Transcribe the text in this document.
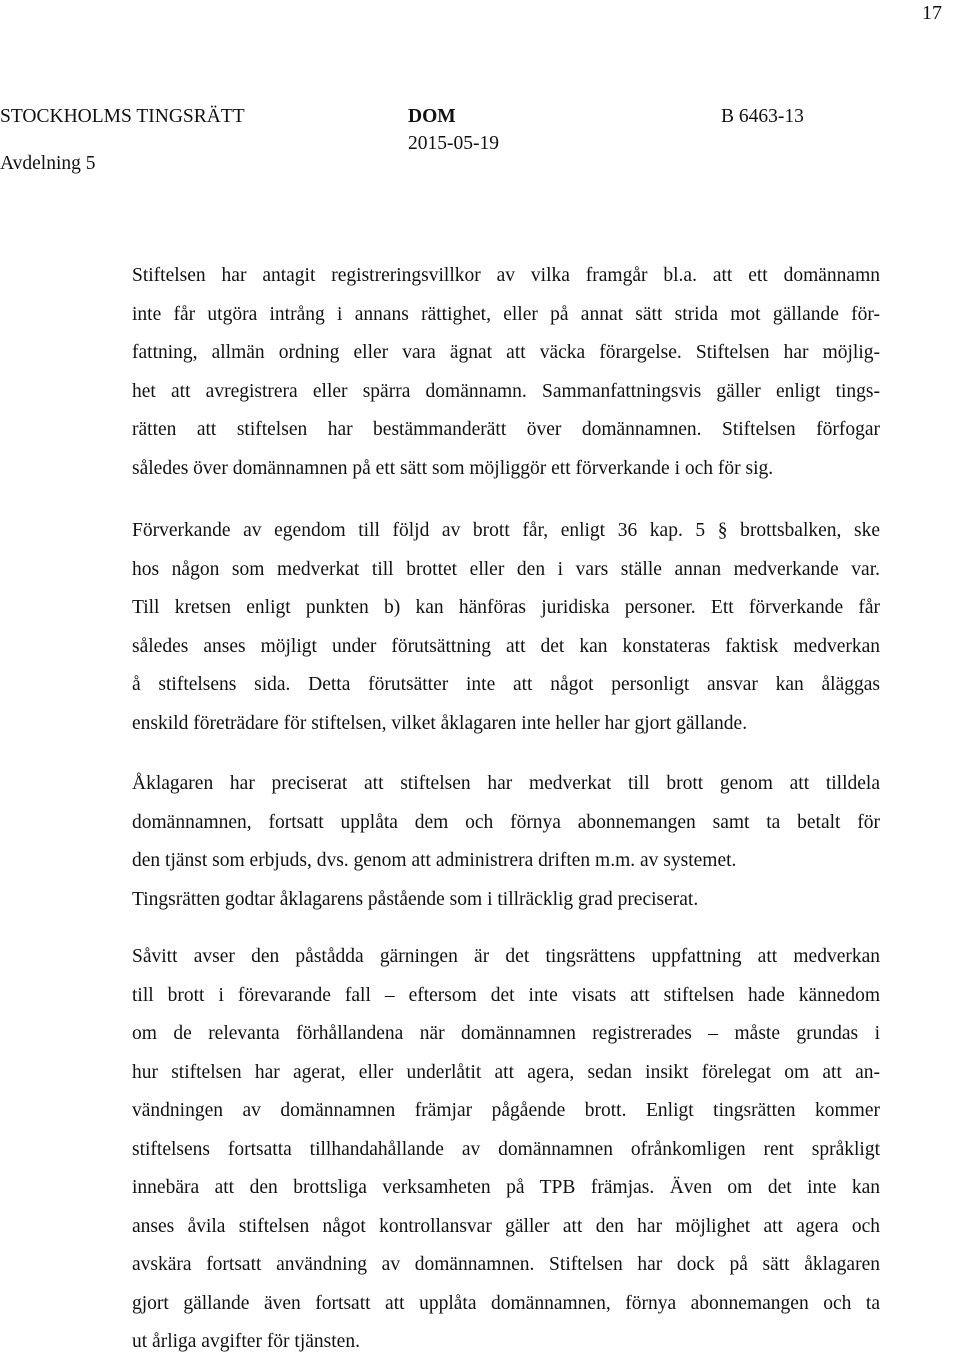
17
STOCKHOLMS TINGSRÄTT
Avdelning 5
DOM
2015-05-19
B 6463-13
Stiftelsen har antagit registreringsvillkor av vilka framgår bl.a. att ett domännamn
inte får utgöra intrång i annans rättighet, eller på annat sätt strida mot gällande för-
fattning, allmän ordning eller vara ägnat att väcka förargelse. Stiftelsen har möjlig-
het att avregistrera eller spärra domännamn. Sammanfattningsvis gäller enligt tings-
rätten att stiftelsen har bestämmanderätt över domännamnen. Stiftelsen förfogar
således över domännamnen på ett sätt som möjliggör ett förverkande i och för sig.
Förverkande av egendom till följd av brott får, enligt 36 kap. 5 § brottsbalken, ske
hos någon som medverkat till brottet eller den i vars ställe annan medverkande var.
Till kretsen enligt punkten b) kan hänföras juridiska personer. Ett förverkande får
således anses möjligt under förutsättning att det kan konstateras faktisk medverkan
å stiftelsens sida. Detta förutsätter inte att något personligt ansvar kan åläggas
enskild företrädare för stiftelsen, vilket åklagaren inte heller har gjort gällande.
Åklagaren har preciserat att stiftelsen har medverkat till brott genom att tilldela
domännamnen, fortsatt upplåta dem och förnya abonnemangen samt ta betalt för
den tjänst som erbjuds, dvs. genom att administrera driften m.m. av systemet.
Tingsrätten godtar åklagarens påstående som i tillräcklig grad preciserat.
Såvitt avser den påstådda gärningen är det tingsrättens uppfattning att medverkan
till brott i förevarande fall – eftersom det inte visats att stiftelsen hade kännedom
om de relevanta förhållandena när domännamnen registrerades – måste grundas i
hur stiftelsen har agerat, eller underlåtit att agera, sedan insikt förelegat om att an-
vändningen av domännamnen främjar pågående brott. Enligt tingsrätten kommer
stiftelsens fortsatta tillhandahållande av domännamnen ofrånkomligen rent språkligt
innebära att den brottsliga verksamheten på TPB främjas. Även om det inte kan
anses åvila stiftelsen något kontrollansvar gäller att den har möjlighet att agera och
avskära fortsatt användning av domännamnen. Stiftelsen har dock på sätt åklagaren
gjort gällande även fortsatt att upplåta domännamnen, förnya abonnemangen och ta
ut årliga avgifter för tjänsten.
